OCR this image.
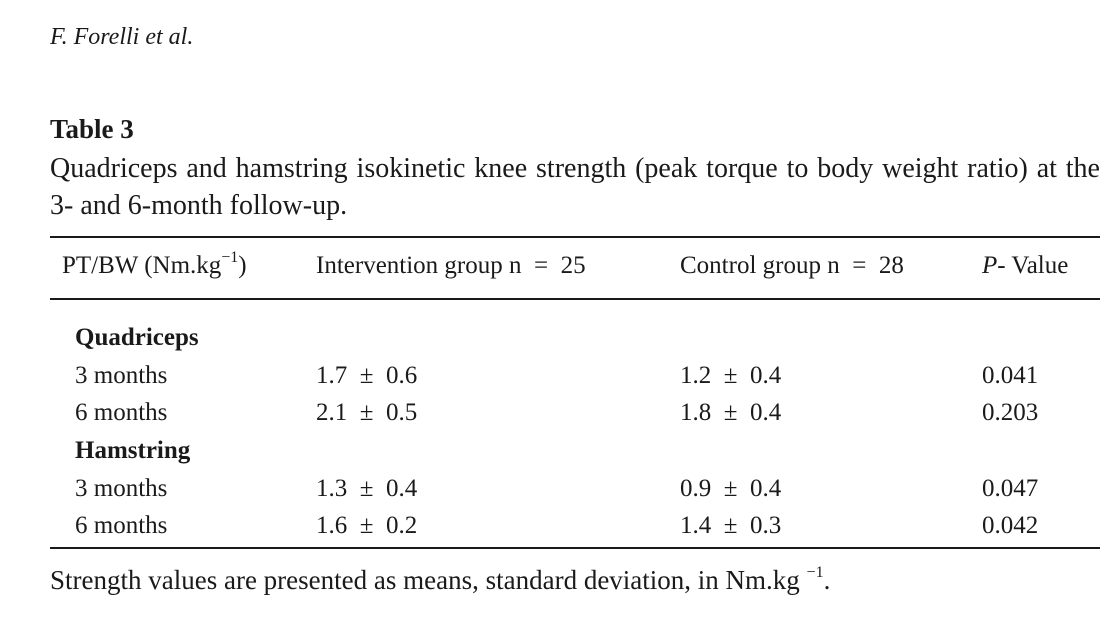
F. Forelli et al.
Table 3
Quadriceps and hamstring isokinetic knee strength (peak torque to body weight ratio) at the 3- and 6-month follow-up.
PT/BW $(Nm.kg^{-1})$	Intervention group n  =  25	Control group n  =  28	P- Value
Quadriceps
3 months	1.7  ±  0.6	1.2  ±  0.4	0.041
6 months	2.1  ±  0.5	1.8  ±  0.4	0.203
Hamstring
3 months	1.3  ±  0.4	0.9  ±  0.4	0.047
6 months	1.6  ±  0.2	1.4  ±  0.3	0.042
Strength values are presented as means, standard deviation, in Nm.kg $^{-1}$.
